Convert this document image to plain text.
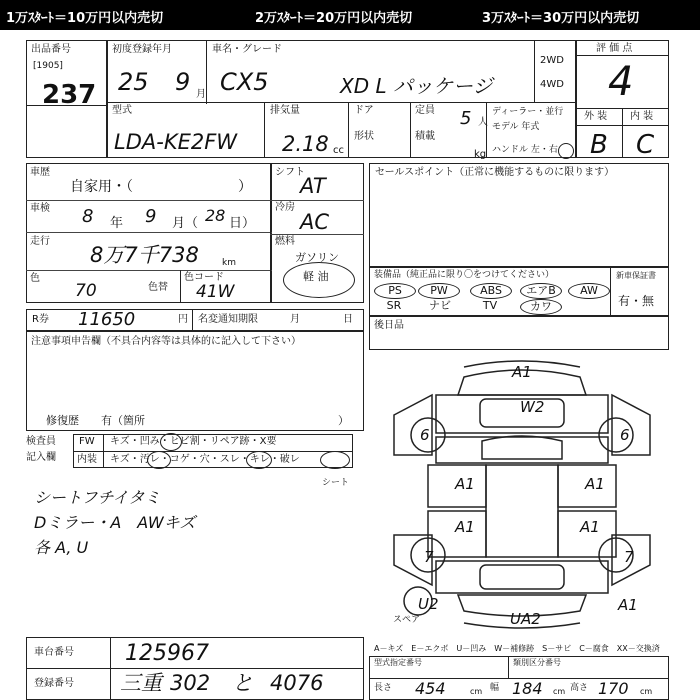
1万ｽﾀｰﾄ＝10万円以内売切	2万ｽﾀｰﾄ＝20万円以内売切	3万ｽﾀｰﾄ＝30万円以内売切
出品番号
[1905]
237
初度登録年月
25 9 月
車名・グレード
CX5	XD L パッケージ
2WD
4WD
型式
LDA-KE2FW
排気量
2.18 cc
ドア
形状
定員 5 人
積載
kg
ディーラー・並行
モデル 年式
ハンドル 左・右
評 価 点
4
外 装 内 装
B C
車歴
自家用・（	）
車検 8 年 9 月（ 28 日）
走行
8万7千738	km
色
70	色替
色コード
41W
シフト
AT
冷房
AC
燃料
ガソリン
軽 油
R券 11650	円 名変通知期限	月	日
セールスポイント（正常に機能するものに限ります）
装備品（純正品に限り〇をつけてください）	新車保証書
有・無
PS	PW	ABS	エアB	AW
SR	ナビ	TV	カワ
後日品
注意事項申告欄（不具合内容等は具体的に記入して下さい）
修復歴　　有（箇所	）
検査員
記入欄
FW キズ・凹み・ヒビ割・リペア跡・X要
内装 キズ・汚レ・コゲ・穴・スレ・キレ・破レ
シート
シートフチイタミ
Dミラー・A　AWキズ
各 A, U
A1
W2
6	6
A1	A1
A1	A1
7	7
U2
UA2
A1
スペア
車台番号 125967
登録番号 三重 302 と 4076
A－キズ　E－エクボ　U－凹み　W－補修跡　S－サビ　C－腐食　XX－交換済
型式指定番号	類別区分番号
長さ 454	cm 幅 184 cm 高さ 170 cm
